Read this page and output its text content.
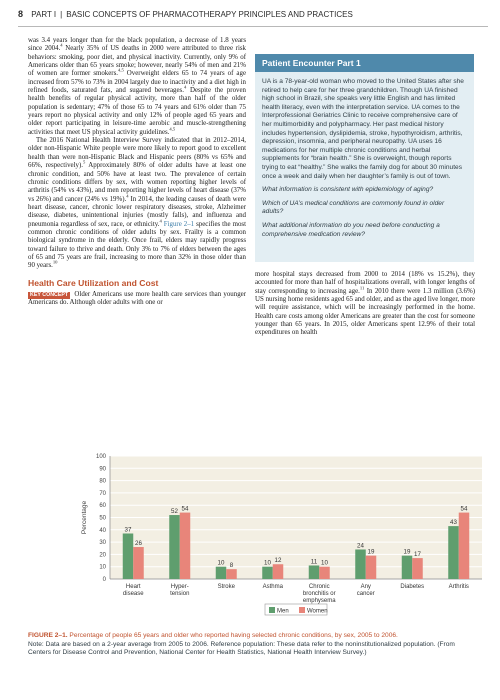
8 PART I | BASIC CONCEPTS OF PHARMACOTHERAPY PRINCIPLES AND PRACTICES

was 3.4 years longer than for the black population, a decrease of 1.8 years since 2004.$^4$ Nearly 35% of US deaths in 2000 were attributed to three risk behaviors: smoking, poor diet, and physical inactivity. Currently, only 9% of Americans older than 65 years smoke; however, nearly 54% of men and 21% of women are former smokers.$^{4,5}$ Overweight elders 65 to 74 years of age increased from 57% to 73% in 2004 largely due to inactivity and a diet high in refined foods, saturated fats, and sugared beverages.$^4$ Despite the proven health benefits of regular physical activity, more than half of the older population is sedentary; 47% of those 65 to 74 years and 61% older than 75 years report no physical activity and only 12% of people aged 65 years and older report participating in leisure-time aerobic and muscle-strengthening activities that meet US physical activity guidelines.$^{4,5}$

The 2016 National Health Interview Survey indicated that in 2012–2014, older non-Hispanic White people were more likely to report good to excellent health than were non-Hispanic Black and Hispanic peers (80% vs 65% and 66%, respectively).$^5$ Approximately 80% of older adults have at least one chronic condition, and 50% have at least two. The prevalence of certain chronic conditions differs by sex, with women reporting higher levels of arthritis (54% vs 43%), and men reporting higher levels of heart disease (37% vs 26%) and cancer (24% vs 19%).$^4$ In 2014, the leading causes of death were heart disease, cancer, chronic lower respiratory diseases, stroke, Alzheimer disease, diabetes, unintentional injuries (mostly falls), and influenza and pneumonia regardless of sex, race, or ethnicity.$^4$ Figure 2–1 specifies the most common chronic conditions of older adults by sex. Frailty is a common biological syndrome in the elderly. Once frail, elders may rapidly progress toward failure to thrive and death. Only 3% to 7% of elders between the ages of 65 and 75 years are frail, increasing to more than 32% in those older than 90 years.$^{10}$

Health Care Utilization and Cost

KEY CONCEPT Older Americans use more health care services than younger Americans do. Although older adults with one or

Patient Encounter Part 1

UA is a 78-year-old woman who moved to the United States after she retired to help care for her three grandchildren. Though UA finished high school in Brazil, she speaks very little English and has limited health literacy, even with the interpretation service. UA comes to the Interprofessional Geriatrics Clinic to receive comprehensive care of her multimorbidity and polypharmacy. Her past medical history includes hypertension, dyslipidemia, stroke, hypothyroidism, arthritis, depression, insomnia, and peripheral neuropathy. UA uses 16 medications for her multiple chronic conditions and herbal supplements for “brain health.” She is overweight, though reports trying to eat “healthy.” She walks the family dog for about 30 minutes once a week and daily when her daughter’s family is out of town.

What information is consistent with epidemiology of aging?

Which of UA’s medical conditions are commonly found in older adults?

What additional information do you need before conducting a comprehensive medication review?

more hospital stays decreased from 2000 to 2014 (18% vs 15.2%), they accounted for more than half of hospitalizations overall, with longer lengths of stay corresponding to increasing age.$^{11}$ In 2010 there were 1.3 million (3.6%) US nursing home residents aged 65 and older, and as the aged live longer, more will require assistance, which will be increasingly performed in the home. Health care costs among older Americans are greater than the cost for someone younger than 65 years. In 2015, older Americans spent 12.9% of their total expenditures on health

0
10
20
30
40
50
60
70
80
90
100
Percentage	37
26
Heart
disease
52 54
Hyper-
tension
10 8
Stroke
10 12
Asthma
11 10
Chronic
bronchitis or
emphysema
24
19
Any
cancer
19 17
Diabetes
43
54
Arthritis
Men	Women
FIGURE 2–1. Percentage of people 65 years and older who reported having selected chronic conditions, by sex, 2005 to 2006.
Note: Data are based on a 2-year average from 2005 to 2006. Reference population: These data refer to the noninstitutionalized population. (From Centers for Disease Control and Prevention, National Center for Health Statistics, National Health Interview Survey.)
